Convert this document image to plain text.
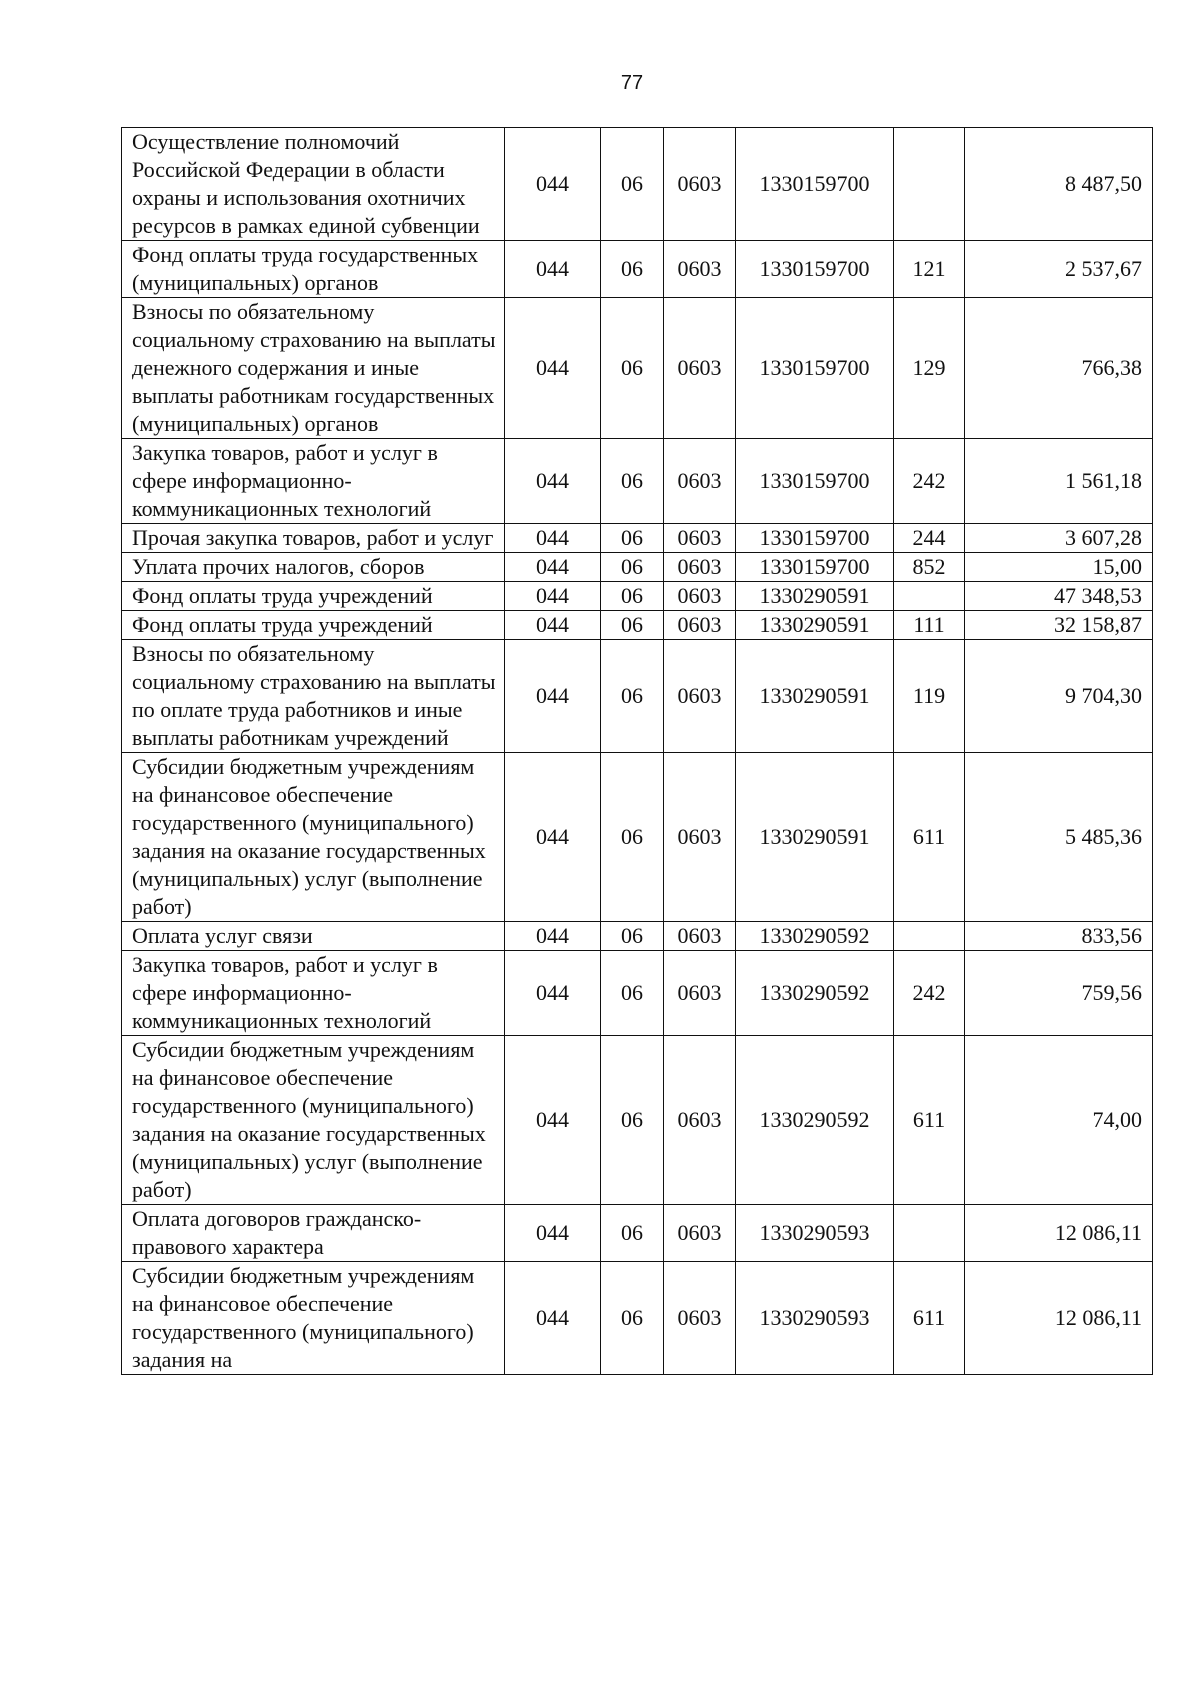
77
Осуществление полномочий Российской Федерации в области охраны и использования охотничих ресурсов в рамках единой субвенции	044	06	0603	1330159700		8 487,50
Фонд оплаты труда государственных (муниципальных) органов	044	06	0603	1330159700	121	2 537,67
Взносы по обязательному социальному страхованию на выплаты денежного содержания и иные выплаты работникам государственных (муниципальных) органов	044	06	0603	1330159700	129	766,38
Закупка товаров, работ и услуг в сфере информационно-коммуникационных технологий	044	06	0603	1330159700	242	1 561,18
Прочая закупка товаров, работ и услуг	044	06	0603	1330159700	244	3 607,28
Уплата прочих налогов, сборов	044	06	0603	1330159700	852	15,00
Фонд оплаты труда учреждений	044	06	0603	1330290591		47 348,53
Фонд оплаты труда учреждений	044	06	0603	1330290591	111	32 158,87
Взносы по обязательному социальному страхованию на выплаты по оплате труда работников и иные выплаты работникам учреждений	044	06	0603	1330290591	119	9 704,30
Субсидии бюджетным учреждениям на финансовое обеспечение государственного (муниципального) задания на оказание государственных (муниципальных) услуг (выполнение работ)	044	06	0603	1330290591	611	5 485,36
Оплата услуг связи	044	06	0603	1330290592		833,56
Закупка товаров, работ и услуг в сфере информационно-коммуникационных технологий	044	06	0603	1330290592	242	759,56
Субсидии бюджетным учреждениям на финансовое обеспечение государственного (муниципального) задания на оказание государственных (муниципальных) услуг (выполнение работ)	044	06	0603	1330290592	611	74,00
Оплата договоров гражданско-правового характера	044	06	0603	1330290593		12 086,11
Субсидии бюджетным учреждениям на финансовое обеспечение государственного (муниципального) задания на	044	06	0603	1330290593	611	12 086,11
